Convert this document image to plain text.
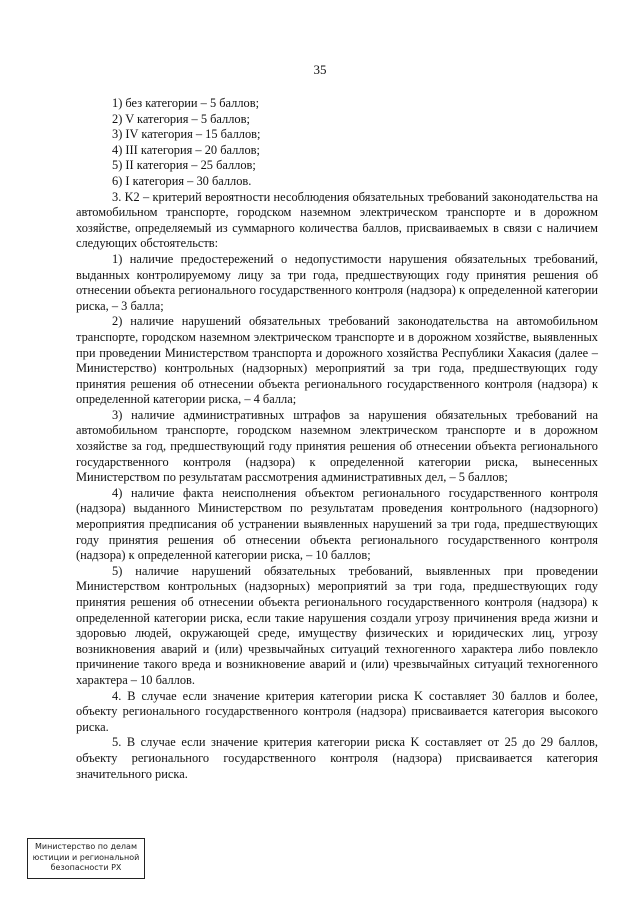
35
1) без категории – 5 баллов;
2) V категория – 5 баллов;
3) IV категория – 15 баллов;
4) III категория – 20 баллов;
5) II категория – 25 баллов;
6) I категория – 30 баллов.

3. K2 – критерий вероятности несоблюдения обязательных требований законодательства на автомобильном транспорте, городском наземном электрическом транспорте и в дорожном хозяйстве, определяемый из суммарного количества баллов, присваиваемых в связи с наличием следующих обстоятельств:

1) наличие предостережений о недопустимости нарушения обязательных требований, выданных контролируемому лицу за три года, предшествующих году принятия решения об отнесении объекта регионального государственного контроля (надзора) к определенной категории риска, – 3 балла;

2) наличие нарушений обязательных требований законодательства на автомобильном транспорте, городском наземном электрическом транспорте и в дорожном хозяйстве, выявленных при проведении Министерством транспорта и дорожного хозяйства Республики Хакасия (далее – Министерство) контрольных (надзорных) мероприятий за три года, предшествующих году принятия решения об отнесении объекта регионального государственного контроля (надзора) к определенной категории риска, – 4 балла;

3) наличие административных штрафов за нарушения обязательных требований на автомобильном транспорте, городском наземном электрическом транспорте и в дорожном хозяйстве за год, предшествующий году принятия решения об отнесении объекта регионального государственного контроля (надзора) к определенной категории риска, вынесенных Министерством по результатам рассмотрения административных дел, – 5 баллов;

4) наличие факта неисполнения объектом регионального государственного контроля (надзора) выданного Министерством по результатам проведения контрольного (надзорного) мероприятия предписания об устранении выявленных нарушений за три года, предшествующих году принятия решения об отнесении объекта регионального государственного контроля (надзора) к определенной категории риска, – 10 баллов;

5) наличие нарушений обязательных требований, выявленных при проведении Министерством контрольных (надзорных) мероприятий за три года, предшествующих году принятия решения об отнесении объекта регионального государственного контроля (надзора) к определенной категории риска, если такие нарушения создали угрозу причинения вреда жизни и здоровью людей, окружающей среде, имуществу физических и юридических лиц, угрозу возникновения аварий и (или) чрезвычайных ситуаций техногенного характера либо повлекло причинение такого вреда и возникновение аварий и (или) чрезвычайных ситуаций техногенного характера – 10 баллов.

4. В случае если значение критерия категории риска K составляет 30 баллов и более, объекту регионального государственного контроля (надзора) присваивается категория высокого риска.

5. В случае если значение критерия категории риска K составляет от 25 до 29 баллов, объекту регионального государственного контроля (надзора) присваивается категория значительного риска.

Министерство по делам
юстиции и региональной
безопасности РХ
